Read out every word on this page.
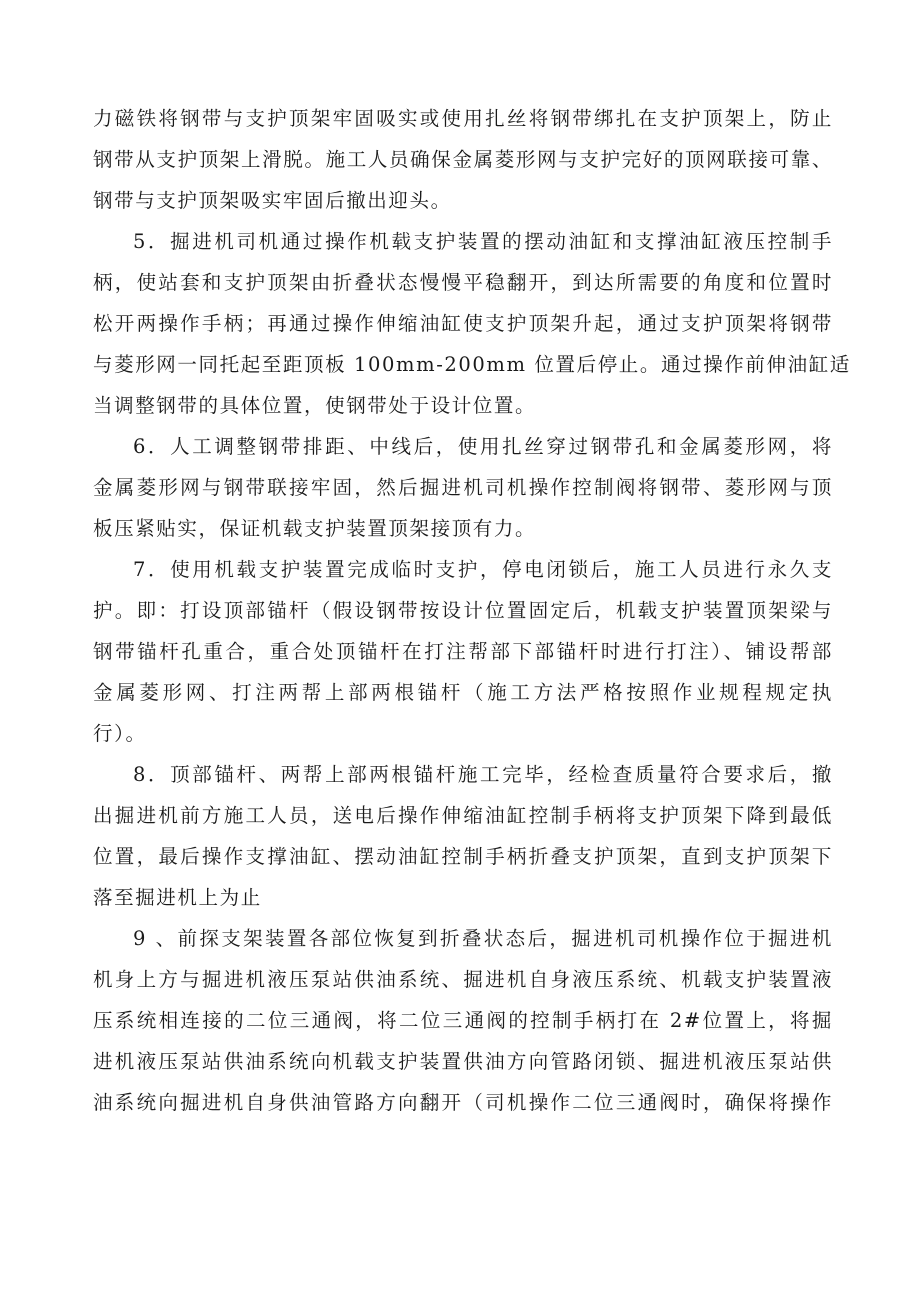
力磁铁将钢带与支护顶架牢固吸实或使用扎丝将钢带绑扎在支护顶架上，防止
钢带从支护顶架上滑脱。施工人员确保金属菱形网与支护完好的顶网联接可靠、
钢带与支护顶架吸实牢固后撤出迎头。
5．掘进机司机通过操作机载支护装置的摆动油缸和支撑油缸液压控制手
柄，使站套和支护顶架由折叠状态慢慢平稳翻开，到达所需要的角度和位置时
松开两操作手柄；再通过操作伸缩油缸使支护顶架升起，通过支护顶架将钢带
与菱形网一同托起至距顶板 100mm-200mm 位置后停止。通过操作前伸油缸适
当调整钢带的具体位置，使钢带处于设计位置。
6．人工调整钢带排距、中线后，使用扎丝穿过钢带孔和金属菱形网，将
金属菱形网与钢带联接牢固，然后掘进机司机操作控制阀将钢带、菱形网与顶
板压紧贴实，保证机载支护装置顶架接顶有力。
7．使用机载支护装置完成临时支护，停电闭锁后，施工人员进行永久支
护。即：打设顶部锚杆（假设钢带按设计位置固定后，机载支护装置顶架梁与
钢带锚杆孔重合，重合处顶锚杆在打注帮部下部锚杆时进行打注）、铺设帮部
金属菱形网、打注两帮上部两根锚杆（施工方法严格按照作业规程规定执
行）。
8．顶部锚杆、两帮上部两根锚杆施工完毕，经检查质量符合要求后，撤
出掘进机前方施工人员，送电后操作伸缩油缸控制手柄将支护顶架下降到最低
位置，最后操作支撑油缸、摆动油缸控制手柄折叠支护顶架，直到支护顶架下
落至掘进机上为止
9 、前探支架装置各部位恢复到折叠状态后，掘进机司机操作位于掘进机
机身上方与掘进机液压泵站供油系统、掘进机自身液压系统、机载支护装置液
压系统相连接的二位三通阀，将二位三通阀的控制手柄打在 2#位置上，将掘
进机液压泵站供油系统向机载支护装置供油方向管路闭锁、掘进机液压泵站供
油系统向掘进机自身供油管路方向翻开（司机操作二位三通阀时，确保将操作
